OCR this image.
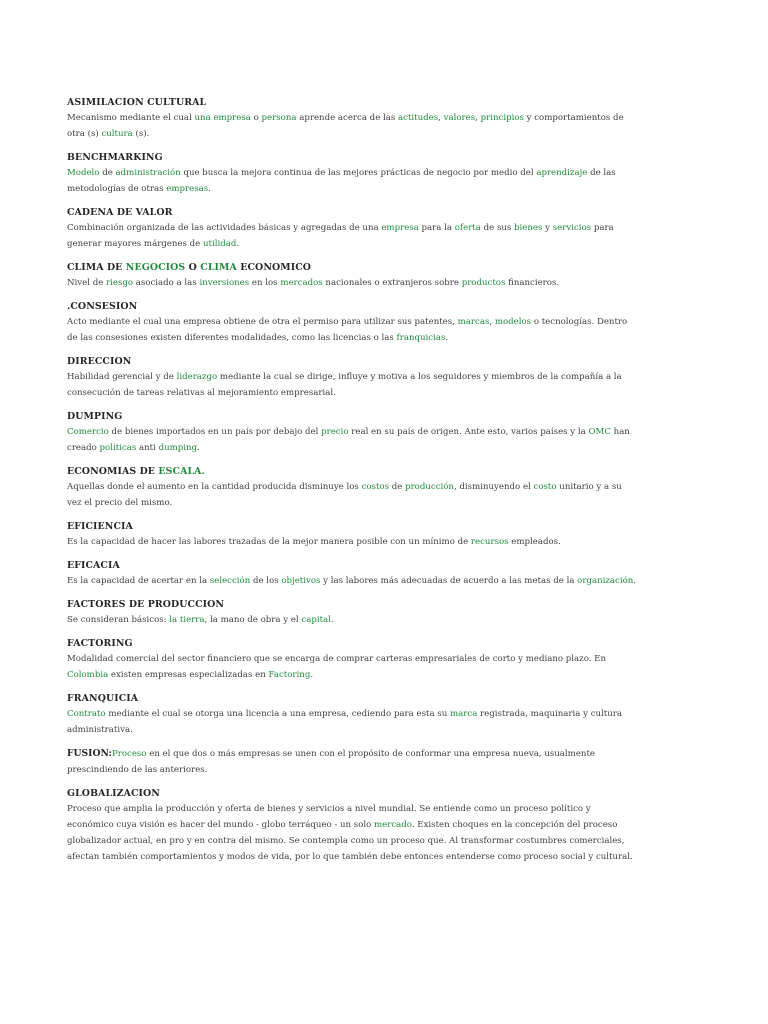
ASIMILACION CULTURAL

Mecanismo mediante el cual una empresa o persona aprende acerca de las actitudes, valores, principios y comportamientos de otra (s) cultura (s).

BENCHMARKING

Modelo de administración que busca la mejora continua de las mejores prácticas de negocio por medio del aprendizaje de las metodologías de otras empresas.

CADENA DE VALOR

Combinación organizada de las actividades básicas y agregadas de una empresa para la oferta de sus bienes y servicios para generar mayores márgenes de utilidad.

CLIMA DE NEGOCIOS O CLIMA ECONOMICO

Nivel de riesgo asociado a las inversiones en los mercados nacionales o extranjeros sobre productos financieros.

.CONSESION

Acto mediante el cual una empresa obtiene de otra el permiso para utilizar sus patentes, marcas, modelos o tecnologías. Dentro de las consesiones existen diferentes modalidades, como las licencias o las franquicias.

DIRECCION

Habilidad gerencial y de liderazgo mediante la cual se dirige, influye y motiva a los seguidores y miembros de la compañía a la consecución de tareas relativas al mejoramiento empresarial.

DUMPING

Comercio de bienes importados en un país por debajo del precio real en su país de origen. Ante esto, varios países y la OMC han creado políticas anti dumping.

ECONOMIAS DE ESCALA.

Aquellas donde el aumento en la cantidad producida disminuye los costos de producción, disminuyendo el costo unitario y a su vez el precio del mismo.

EFICIENCIA

Es la capacidad de hacer las labores trazadas de la mejor manera posible con un mínimo de recursos empleados.

EFICACIA

Es la capacidad de acertar en la selección de los objetivos y las labores más adecuadas de acuerdo a las metas de la organización.

FACTORES DE PRODUCCION

Se consideran básicos: la tierra, la mano de obra y el capital.

FACTORING

Modalidad comercial del sector financiero que se encarga de comprar carteras empresariales de corto y mediano plazo. En Colombia existen empresas especializadas en Factoring.

FRANQUICIA

Contrato mediante el cual se otorga una licencia a una empresa, cediendo para esta su marca registrada, maquinaria y cultura administrativa.

FUSION:Proceso en el que dos o más empresas se unen con el propósito de conformar una empresa nueva, usualmente prescindiendo de las anteriores.

GLOBALIZACION

Proceso que amplia la producción y oferta de bienes y servicios a nivel mundial. Se entiende como un proceso político y económico cuya visión es hacer del mundo - globo terráqueo - un solo mercado. Existen choques en la concepción del proceso globalizador actual, en pro y en contra del mismo. Se contempla como un proceso que. Al transformar costumbres comerciales, afectan también comportamientos y modos de vida, por lo que también debe entonces entenderse como proceso social y cultural.
